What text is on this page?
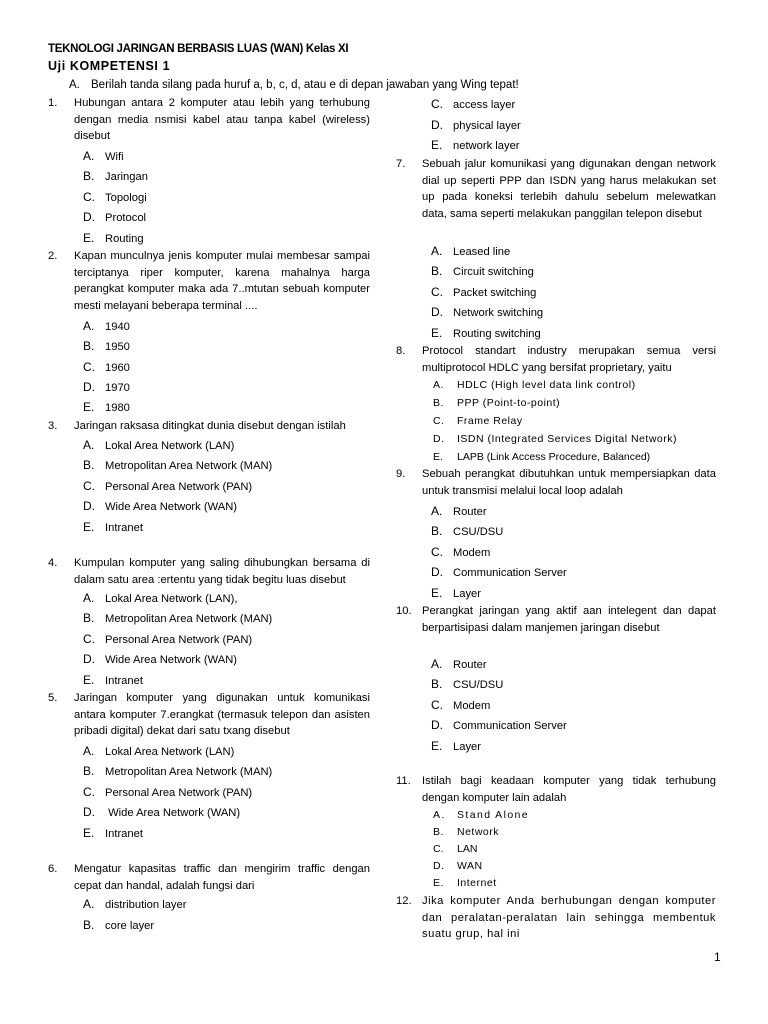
TEKNOLOGI JARINGAN BERBASIS LUAS (WAN) Kelas XI
Uji KOMPETENSI 1
A. Berilah tanda silang pada huruf a, b, c, d, atau e di depan jawaban yang Wing tepat!
1. Hubungan antara 2 komputer atau lebih yang terhubung dengan media nsmisi kabel atau tanpa kabel (wireless) disebut
A. Wifi
B. Jaringan
C. Topologi
D. Protocol
E. Routing
2. Kapan munculnya jenis komputer mulai membesar sampai terciptanya riper komputer, karena mahalnya harga perangkat komputer maka ada 7..mtutan sebuah komputer mesti melayani beberapa terminal ....
A. 1940
B. 1950
C. 1960
D. 1970
E. 1980
3. Jaringan raksasa ditingkat dunia disebut dengan istilah
A. Lokal Area Network (LAN)
B. Metropolitan Area Network (MAN)
C. Personal Area Network (PAN)
D. Wide Area Network (WAN)
E. Intranet
4. Kumpulan komputer yang saling dihubungkan bersama di dalam satu area :ertentu yang tidak begitu luas disebut
A. Lokal Area Network (LAN),
B. Metropolitan Area Network (MAN)
C. Personal Area Network (PAN)
D. Wide Area Network (WAN)
E. Intranet
5. Jaringan komputer yang digunakan untuk komunikasi antara komputer 7.erangkat (termasuk telepon dan asisten pribadi digital) dekat dari satu txang disebut
A. Lokal Area Network (LAN)
B. Metropolitan Area Network (MAN)
C. Personal Area Network (PAN)
D. Wide Area Network (WAN)
E. Intranet
6. Mengatur kapasitas traffic dan mengirim traffic dengan cepat dan handal, adalah fungsi dari
A. distribution layer
B. core layer
C. access layer
D. physical layer
E. network layer
7. Sebuah jalur komunikasi yang digunakan dengan network dial up seperti PPP dan ISDN yang harus melakukan set up pada koneksi terlebih dahulu sebelum melewatkan data, sama seperti melakukan panggilan telepon disebut
A. Leased line
B. Circuit switching
C. Packet switching
D. Network switching
E. Routing switching
8. Protocol standart industry merupakan semua versi multiprotocol HDLC yang bersifat proprietary, yaitu
A. HDLC (High level data link control)
B. PPP (Point-to-point)
C. Frame Relay
D. ISDN (Integrated Services Digital Network)
E. LAPB (Link Access Procedure, Balanced)
9. Sebuah perangkat dibutuhkan untuk mempersiapkan data untuk transmisi melalui local loop adalah
A. Router
B. CSU/DSU
C. Modem
D. Communication Server
E. Layer
10. Perangkat jaringan yang aktif aan intelegent dan dapat berpartisipasi dalam manjemen jaringan disebut
A. Router
B. CSU/DSU
C. Modem
D. Communication Server
E. Layer
11. Istilah bagi keadaan komputer yang tidak terhubung dengan komputer lain adalah
A. Stand Alone
B. Network
C. LAN
D. WAN
E. Internet
12. Jika komputer Anda berhubungan dengan komputer dan peralatan-peralatan lain sehingga membentuk suatu grup, hal ini
1
